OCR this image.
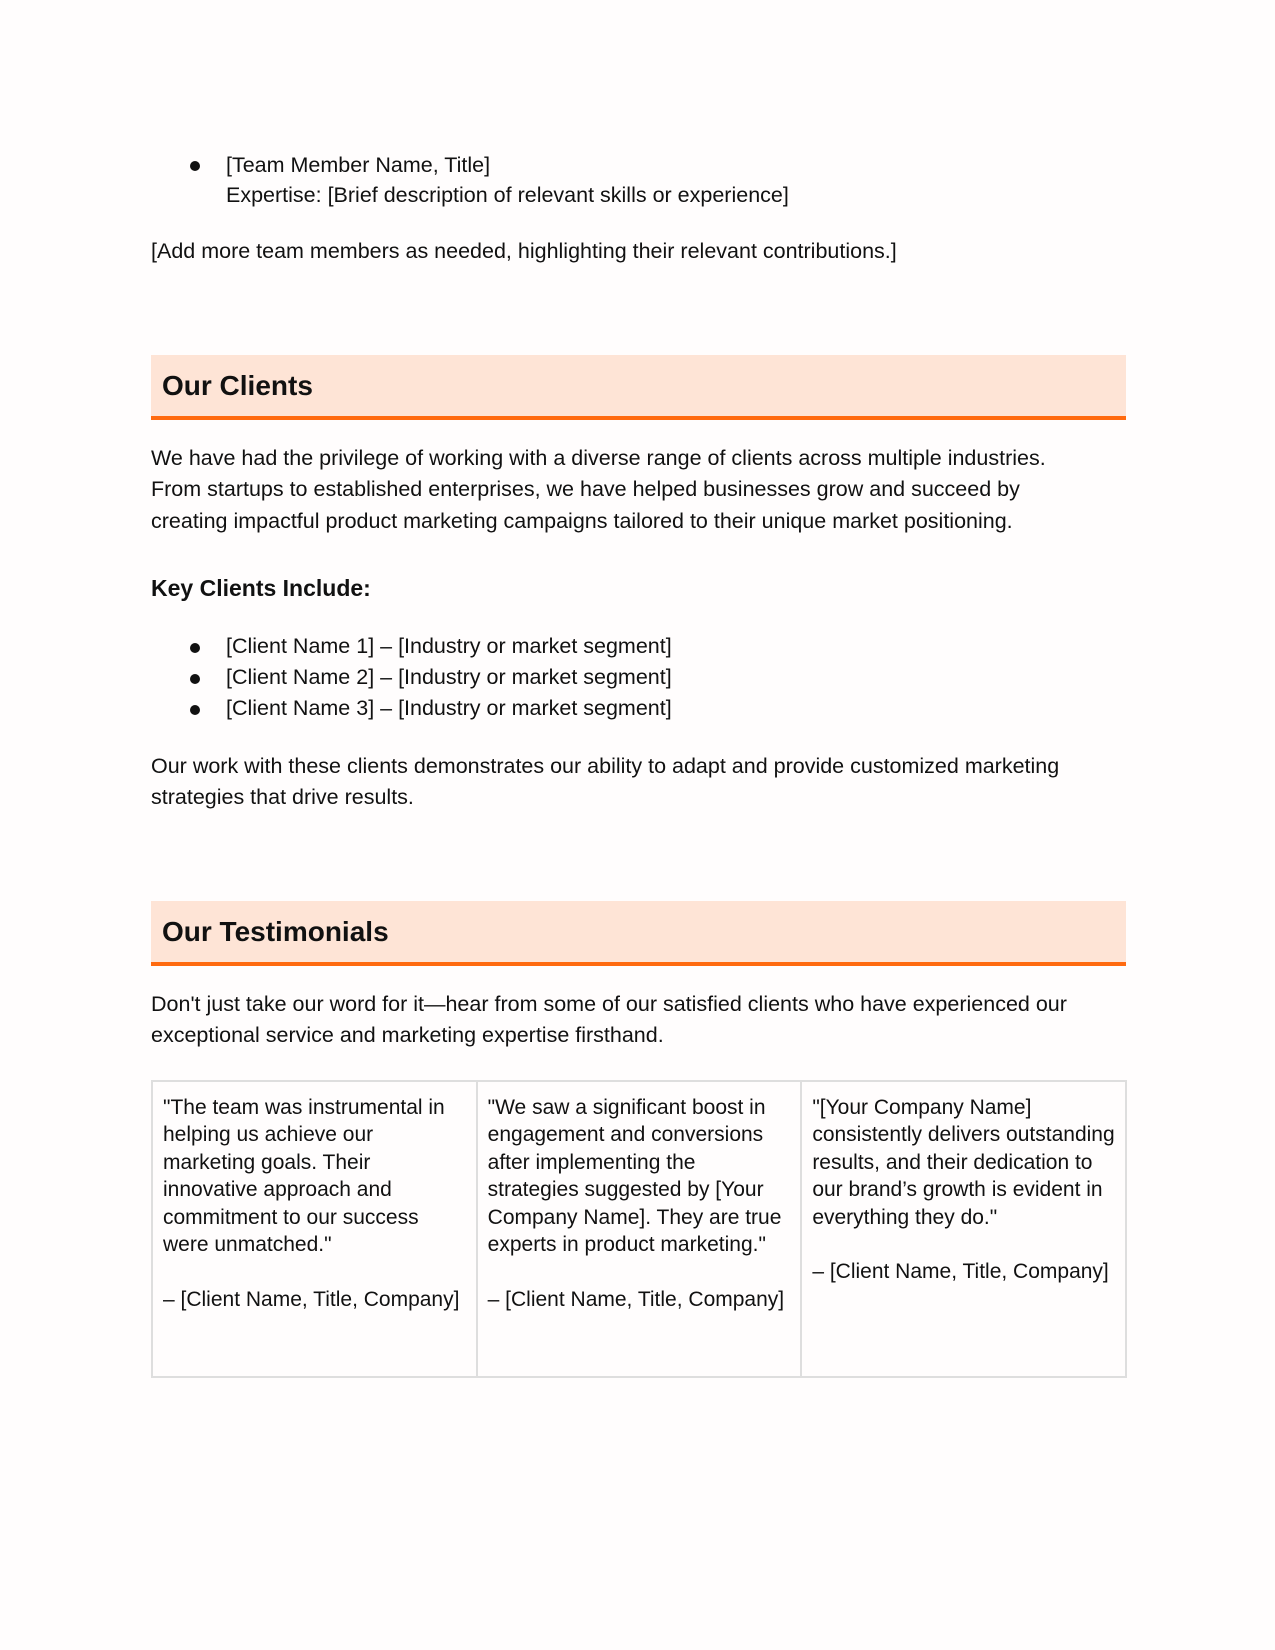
[Team Member Name, Title]
Expertise: [Brief description of relevant skills or experience]
[Add more team members as needed, highlighting their relevant contributions.]
Our Clients
We have had the privilege of working with a diverse range of clients across multiple industries.
From startups to established enterprises, we have helped businesses grow and succeed by
creating impactful product marketing campaigns tailored to their unique market positioning.
Key Clients Include:
[Client Name 1] – [Industry or market segment]
[Client Name 2] – [Industry or market segment]
[Client Name 3] – [Industry or market segment]
Our work with these clients demonstrates our ability to adapt and provide customized marketing
strategies that drive results.
Our Testimonials
Don't just take our word for it—hear from some of our satisfied clients who have experienced our
exceptional service and marketing expertise firsthand.
"The team was instrumental in helping us achieve our marketing goals. Their innovative approach and commitment to our success were unmatched."
– [Client Name, Title, Company]

"We saw a significant boost in engagement and conversions after implementing the strategies suggested by [Your Company Name]. They are true experts in product marketing."
– [Client Name, Title, Company]

"[Your Company Name] consistently delivers outstanding results, and their dedication to our brand’s growth is evident in everything they do."
– [Client Name, Title, Company]
